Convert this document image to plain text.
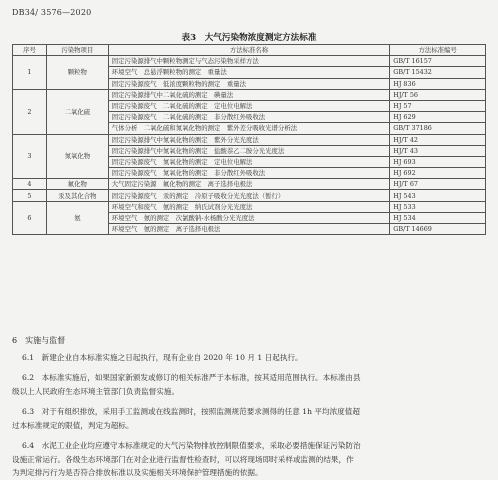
DB34/ 3576—2020
表3　大气污染物浓度测定方法标准
序号	污染物项目	方法标准名称	方法标准编号
1	颗粒物	固定污染源排气中颗粒物测定与气态污染物采样方法	GB/T 16157
		环境空气　总悬浮颗粒物的测定　重量法	GB/T 15432
		固定污染源废气　低浓度颗粒物的测定　重量法	HJ 836
2	二氧化硫	固定污染源排气中二氧化硫的测定　碘量法	HJ/T 56
		固定污染源废气　二氧化硫的测定　定电位电解法	HJ 57
		固定污染源废气　二氧化硫的测定　非分散红外吸收法	HJ 629
		气体分析　二氧化硫和氮氧化物的测定　紫外差分吸收光谱分析法	GB/T 37186
3	氮氧化物	固定污染源排气中氮氧化物的测定　紫外分光光度法	HJ/T 42
		固定污染源排气中氮氧化物的测定　盐酸萘乙二胺分光光度法	HJ/T 43
		固定污染源废气　氮氧化物的测定　定电位电解法	HJ 693
		固定污染源废气　氮氧化物的测定　非分散红外吸收法	HJ 692
4	氟化物	大气固定污染源　氟化物的测定　离子选择电极法	HJ/T 67
5	汞及其化合物	固定污染源废气　汞的测定　冷原子吸收分光光度法（暂行）	HJ 543
6	氨	环境空气和废气　氨的测定　纳氏试剂分光光度法	HJ 533
		环境空气　氨的测定　次氯酸钠-水杨酸分光光度法	HJ 534
		环境空气　氨的测定　离子选择电极法	GB/T 14669
6　实施与监督
6.1　新建企业自本标准实施之日起执行，现有企业自 2020 年 10 月 1 日起执行。
6.2　本标准实施后，如果国家新颁发或修订的相关标准严于本标准，按其适用范围执行。本标准由县
级以上人民政府生态环境主管部门负责监督实施。
6.3　对于有组织排放，采用手工监测或在线监测时，按照监测规范要求测得的任意 1h 平均浓度值超
过本标准规定的限值，判定为超标。
6.4　水泥工业企业均应遵守本标准规定的大气污染物排放控制限值要求，采取必要措施保证污染防治
设施正常运行。各级生态环境部门在对企业进行监督性检查时，可以将现场即时采样或监测的结果，作
为判定排污行为是否符合排放标准以及实施相关环境保护管理措施的依据。
